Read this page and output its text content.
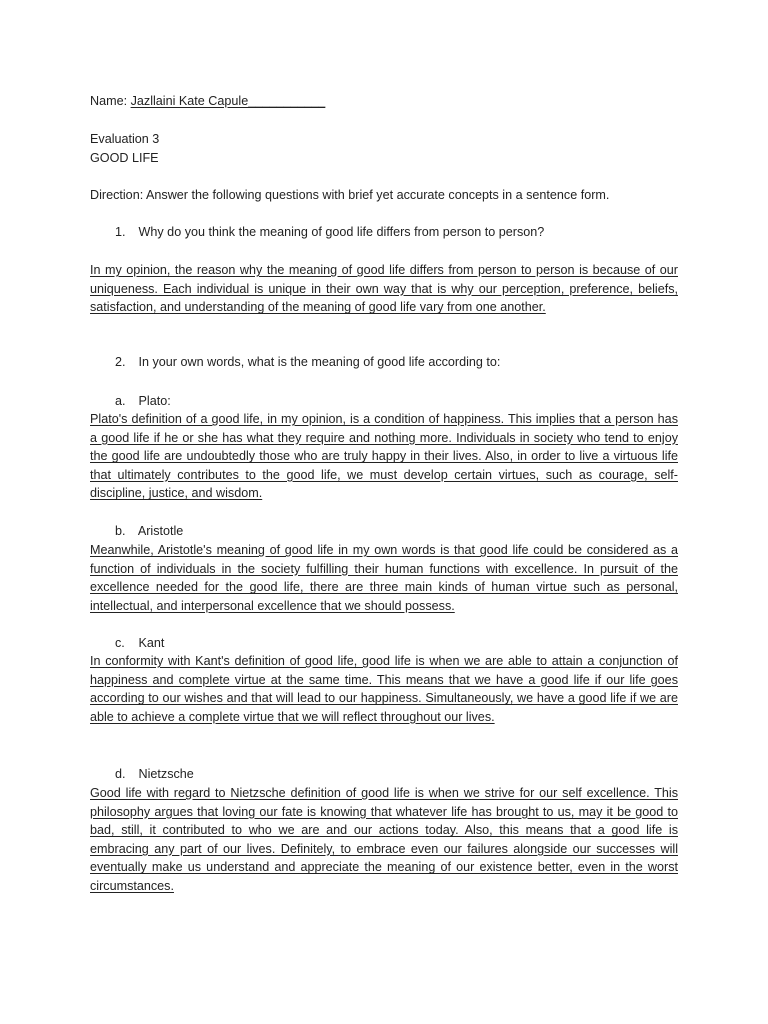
Name: Jazllaini Kate Capule___________
Evaluation 3
GOOD LIFE
Direction: Answer the following questions with brief yet accurate concepts in a sentence form.
1. Why do you think the meaning of good life differs from person to person?
In my opinion, the reason why the meaning of good life differs from person to person is because of our uniqueness. Each individual is unique in their own way that is why our perception, preference, beliefs, satisfaction, and understanding of the meaning of good life vary from one another.
2. In your own words, what is the meaning of good life according to:
a. Plato:
Plato's definition of a good life, in my opinion, is a condition of happiness. This implies that a person has a good life if he or she has what they require and nothing more. Individuals in society who tend to enjoy the good life are undoubtedly those who are truly happy in their lives. Also, in order to live a virtuous life that ultimately contributes to the good life, we must develop certain virtues, such as courage, self-discipline, justice, and wisdom.
b. Aristotle
Meanwhile, Aristotle's meaning of good life in my own words is that good life could be considered as a function of individuals in the society fulfilling their human functions with excellence. In pursuit of the excellence needed for the good life, there are three main kinds of human virtue such as personal, intellectual, and interpersonal excellence that we should possess.
c. Kant
In conformity with Kant's definition of good life, good life is when we are able to attain a conjunction of happiness and complete virtue at the same time. This means that we have a good life if our life goes according to our wishes and that will lead to our happiness. Simultaneously, we have a good life if we are able to achieve a complete virtue that we will reflect throughout our lives.
d. Nietzsche
Good life with regard to Nietzsche definition of good life is when we strive for our self excellence. This philosophy argues that loving our fate is knowing that whatever life has brought to us, may it be good to bad, still, it contributed to who we are and our actions today. Also, this means that a good life is embracing any part of our lives. Definitely, to embrace even our failures alongside our successes will eventually make us understand and appreciate the meaning of our existence better, even in the worst circumstances.
